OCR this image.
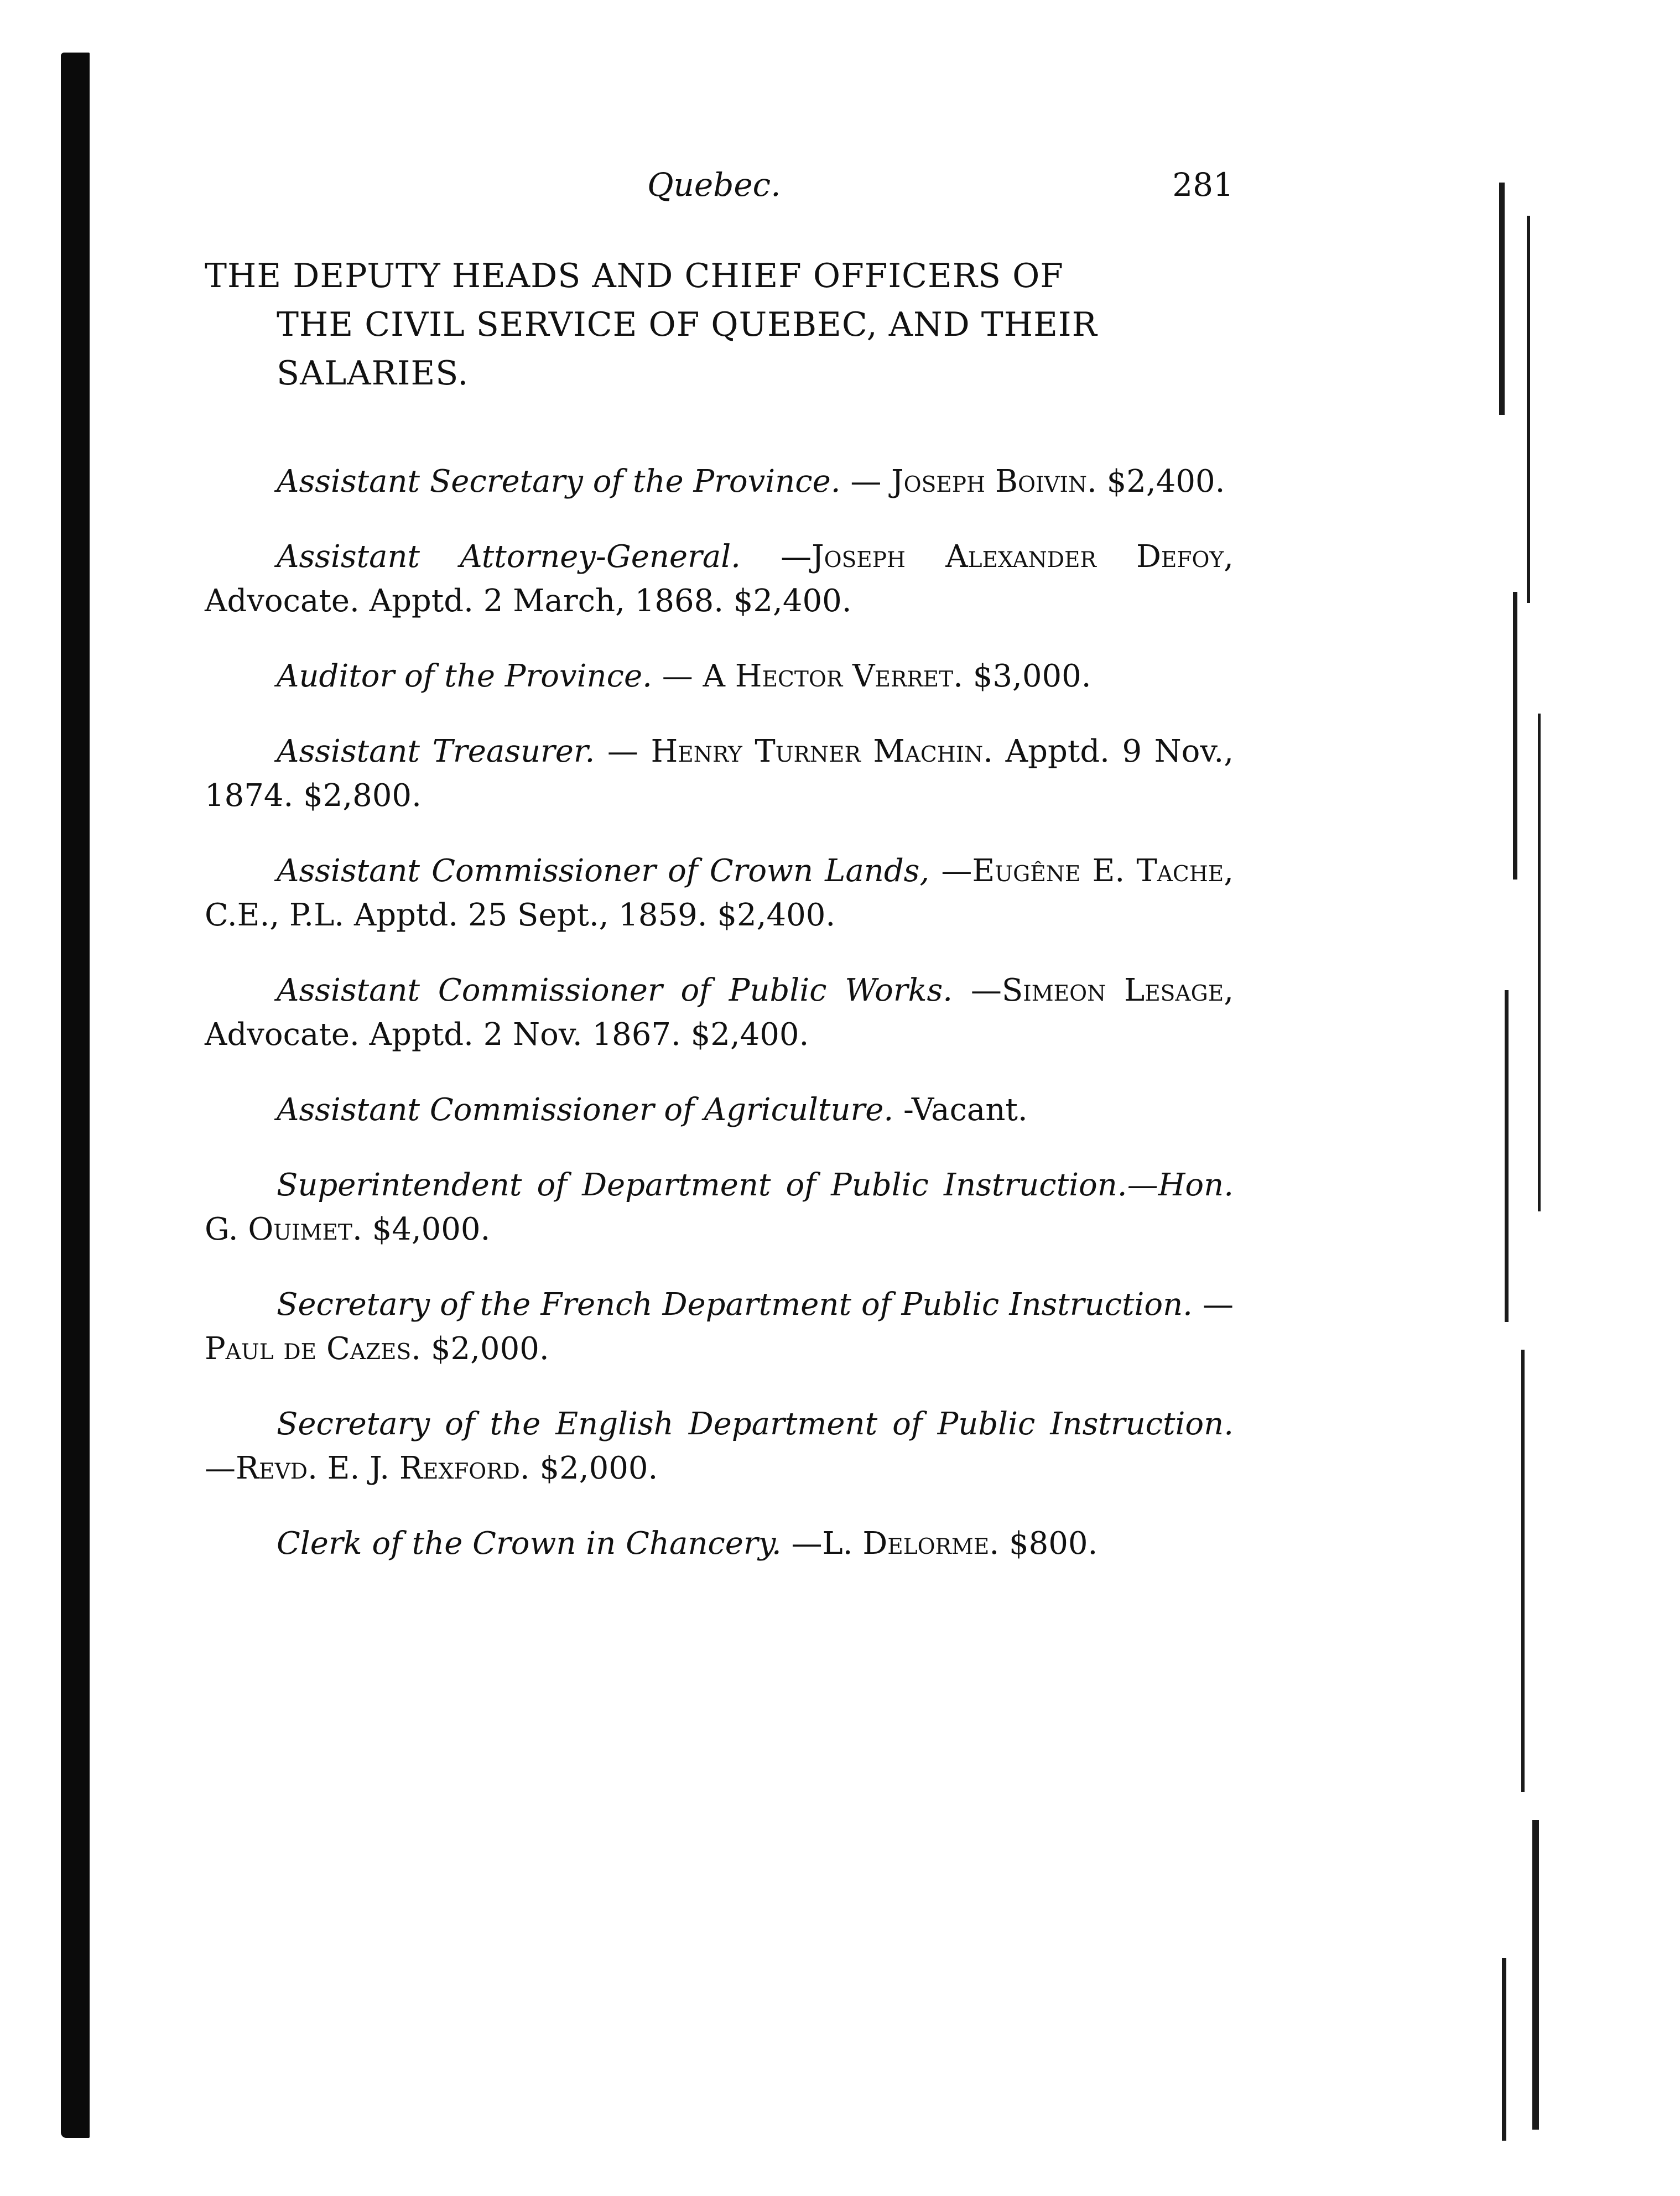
Quebec.	281
THE DEPUTY HEADS AND CHIEF OFFICERS OF
THE CIVIL SERVICE OF QUEBEC, AND THEIR
SALARIES.

Assistant Secretary of the Province. — Joseph Boivin. $2,400.

Assistant Attorney-General. —Joseph Alexander Defoy, Advocate. Apptd. 2 March, 1868. $2,400.

Auditor of the Province. — A Hector Verret. $3,000.

Assistant Treasurer. — Henry Turner Machin. Apptd. 9 Nov., 1874. $2,800.

Assistant Commissioner of Crown Lands, —Eugêne E. Tache, C.E., P.L. Apptd. 25 Sept., 1859. $2,400.

Assistant Commissioner of Public Works. —Simeon Lesage, Advocate. Apptd. 2 Nov. 1867. $2,400.

Assistant Commissioner of Agriculture. -Vacant.

Superintendent of Department of Public Instruction.—Hon. G. Ouimet. $4,000.

Secretary of the French Department of Public Instruction. —Paul de Cazes. $2,000.

Secretary of the English Department of Public Instruction. —Revd. E. J. Rexford. $2,000.

Clerk of the Crown in Chancery. —L. Delorme. $800.
